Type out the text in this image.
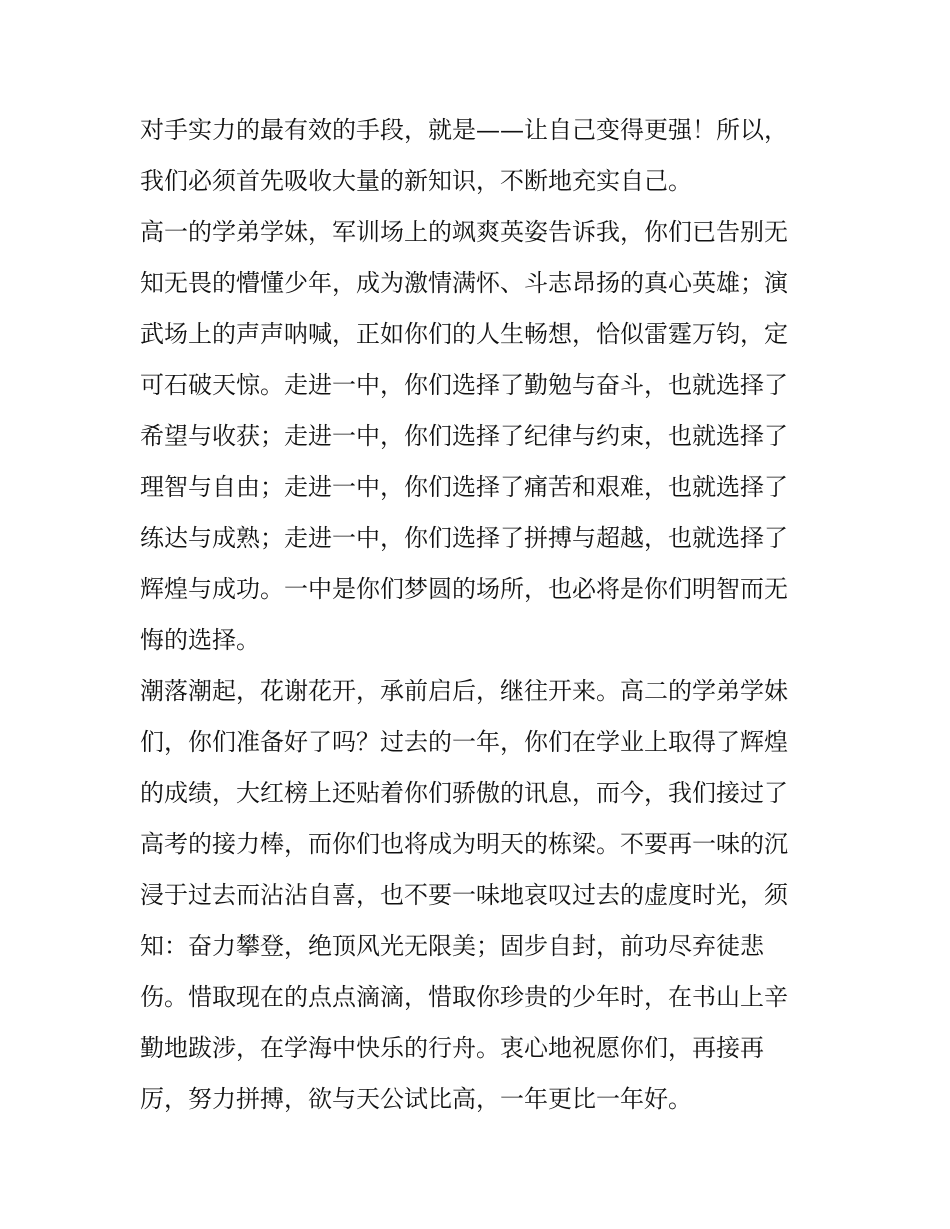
对手实力的最有效的手段，就是——让自己变得更强！所以，
我们必须首先吸收大量的新知识，不断地充实自己。
高一的学弟学妹，军训场上的飒爽英姿告诉我，你们已告别无
知无畏的懵懂少年，成为激情满怀、斗志昂扬的真心英雄；演
武场上的声声呐喊，正如你们的人生畅想，恰似雷霆万钧，定
可石破天惊。走进一中，你们选择了勤勉与奋斗，也就选择了
希望与收获；走进一中，你们选择了纪律与约束，也就选择了
理智与自由；走进一中，你们选择了痛苦和艰难，也就选择了
练达与成熟；走进一中，你们选择了拼搏与超越，也就选择了
辉煌与成功。一中是你们梦圆的场所，也必将是你们明智而无
悔的选择。
潮落潮起，花谢花开，承前启后，继往开来。高二的学弟学妹
们，你们准备好了吗？过去的一年，你们在学业上取得了辉煌
的成绩，大红榜上还贴着你们骄傲的讯息，而今，我们接过了
高考的接力棒，而你们也将成为明天的栋梁。不要再一味的沉
浸于过去而沾沾自喜，也不要一味地哀叹过去的虚度时光，须
知：奋力攀登，绝顶风光无限美；固步自封，前功尽弃徒悲
伤。惜取现在的点点滴滴，惜取你珍贵的少年时，在书山上辛
勤地跋涉，在学海中快乐的行舟。衷心地祝愿你们，再接再
厉，努力拼搏，欲与天公试比高，一年更比一年好。
